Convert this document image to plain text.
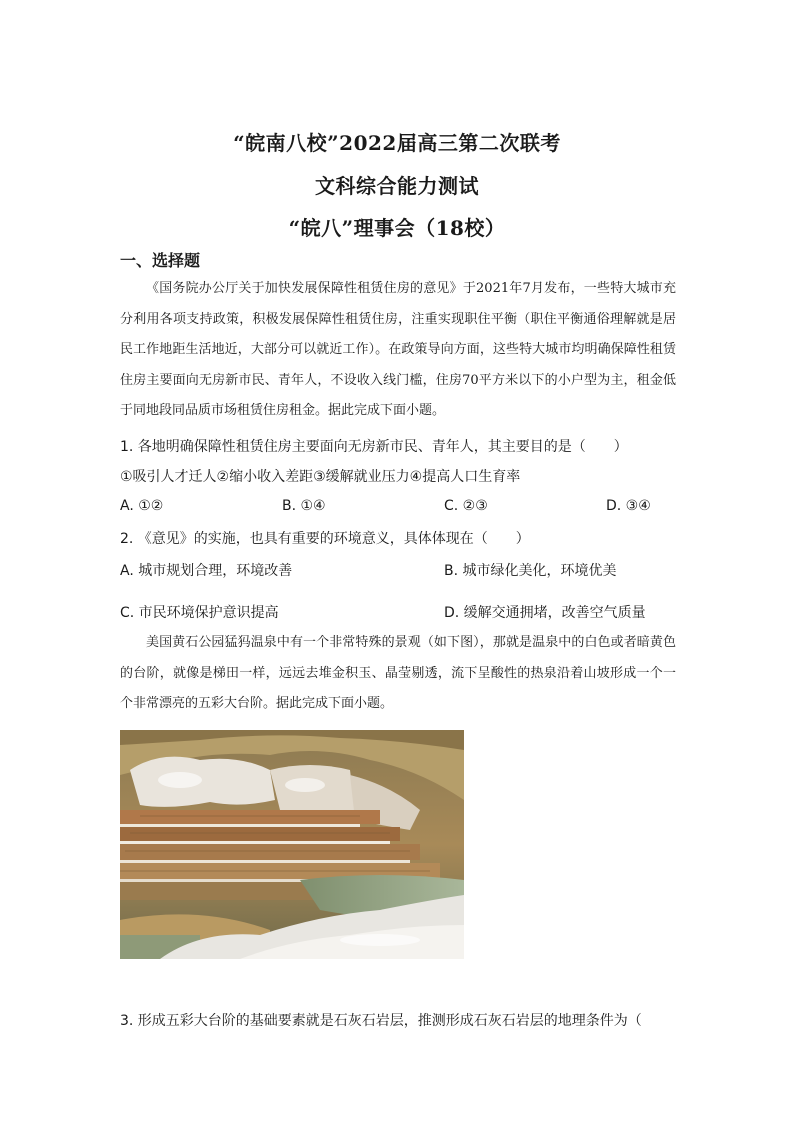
“皖南八校”2022届高三第二次联考
文科综合能力测试
“皖八”理事会（18校）
一、选择题
《国务院办公厅关于加快发展保障性租赁住房的意见》于2021年7月发布，一些特大城市充分利用各项支持政策，积极发展保障性租赁住房，注重实现职住平衡（职住平衡通俗理解就是居民工作地距生活地近，大部分可以就近工作）。在政策导向方面，这些特大城市均明确保障性租赁住房主要面向无房新市民、青年人，不设收入线门槛，住房70平方米以下的小户型为主，租金低于同地段同品质市场租赁住房租金。据此完成下面小题。
1. 各地明确保障性租赁住房主要面向无房新市民、青年人，其主要目的是（　　）
①吸引人才迁人②缩小收入差距③缓解就业压力④提高人口生育率
A. ①②	B. ①④	C. ②③	D. ③④
2. 《意见》的实施，也具有重要的环境意义，具体体现在（　　）
A. 城市规划合理，环境改善	B. 城市绿化美化，环境优美
C. 市民环境保护意识提高	D. 缓解交通拥堵，改善空气质量
美国黄石公园猛犸温泉中有一个非常特殊的景观（如下图），那就是温泉中的白色或者暗黄色的台阶，就像是梯田一样，远远去堆金积玉、晶莹剔透，流下呈酸性的热泉沿着山坡形成一个一个非常漂亮的五彩大台阶。据此完成下面小题。
3. 形成五彩大台阶的基础要素就是石灰石岩层，推测形成石灰石岩层的地理条件为（
